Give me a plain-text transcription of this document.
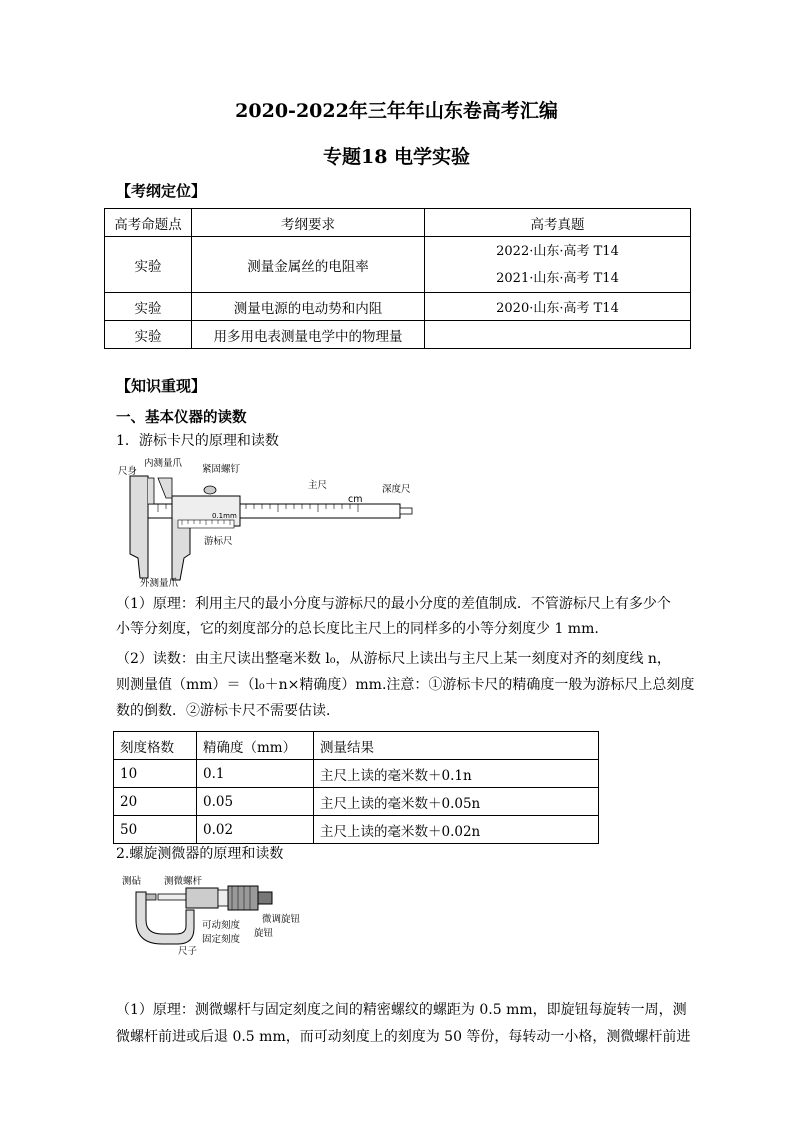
2020-2022年三年年山东卷高考汇编
专题18 电学实验
【考纲定位】
高考命题点	考纲要求	高考真题
实验	测量金属丝的电阻率	2022·山东·高考 T14
2021·山东·高考 T14

实验	测量电源的电动势和内阻	2020·山东·高考 T14
实验	用多用电表测量电学中的物理量	
【知识重现】
一、基本仪器的读数
1．游标卡尺的原理和读数
尺身
内测量爪
紧固螺钉
主尺	深度尺
cm
0.1mm
游标尺
外测量爪
（1）原理：利用主尺的最小分度与游标尺的最小分度的差值制成．不管游标尺上有多少个
小等分刻度，它的刻度部分的总长度比主尺上的同样多的小等分刻度少 1 mm.
（2）读数：由主尺读出整毫米数 l₀，从游标尺上读出与主尺上某一刻度对齐的刻度线 n，
则测量值（mm）＝（l₀＋n×精确度）mm.注意：①游标卡尺的精确度一般为游标尺上总刻度
数的倒数．②游标卡尺不需要估读．
刻度格数	精确度（mm）	测量结果
10	0.1	主尺上读的毫米数＋0.1n
20	0.05	主尺上读的毫米数＋0.05n
50	0.02	主尺上读的毫米数＋0.02n
2.螺旋测微器的原理和读数
测砧 测微螺杆
微调旋钮
旋钮
可动刻度
固定刻度
尺子
（1）原理：测微螺杆与固定刻度之间的精密螺纹的螺距为 0.5 mm，即旋钮每旋转一周，测
微螺杆前进或后退 0.5 mm，而可动刻度上的刻度为 50 等份，每转动一小格，测微螺杆前进
